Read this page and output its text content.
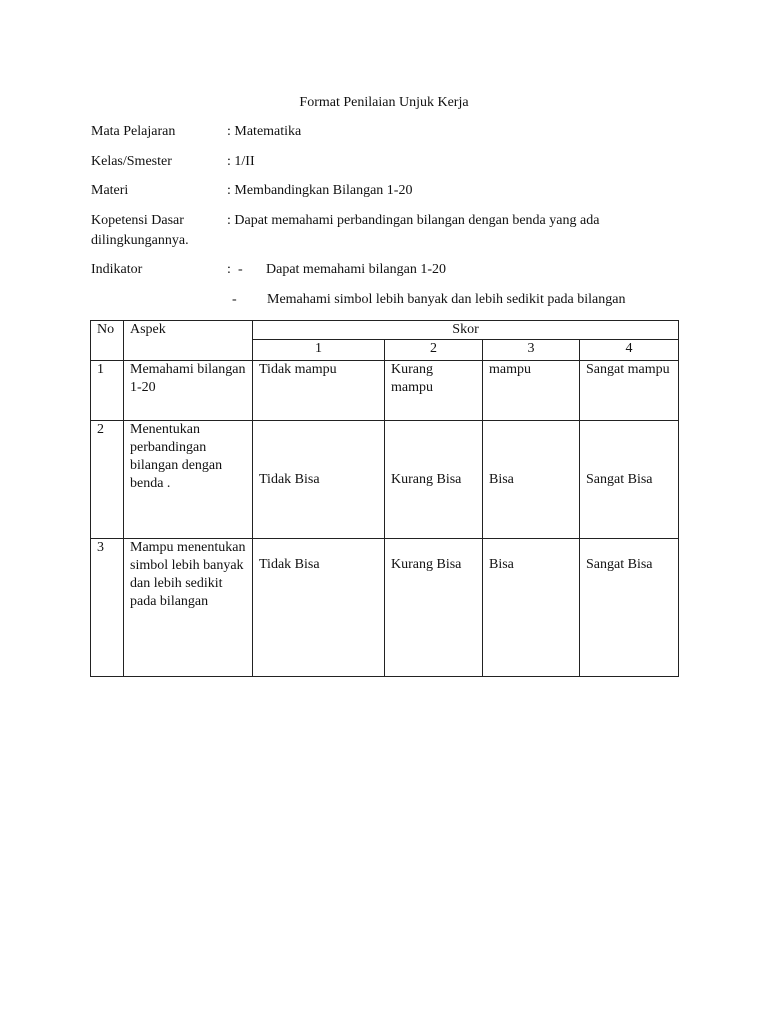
Format Penilaian Unjuk Kerja
Mata Pelajaran	: Matematika
Kelas/Smester	: 1/II
Materi	: Membandingkan Bilangan 1-20
Kopetensi Dasar	: Dapat memahami perbandingan bilangan dengan benda yang ada
dilingkungannya.
Indikator	: - Dapat memahami bilangan 1-20
- Memahami simbol lebih banyak dan lebih sedikit pada bilangan
No	Aspek	Skor			
		1	2	3	4
1	Memahami bilangan 1-20	Tidak mampu	Kurang mampu	mampu	Sangat mampu
2	Menentukan perbandingan bilangan dengan benda .	Tidak Bisa	Kurang Bisa	Bisa	Sangat Bisa
3	Mampu menentukan simbol lebih banyak dan lebih sedikit pada bilangan	Tidak Bisa	Kurang Bisa	Bisa	Sangat Bisa
